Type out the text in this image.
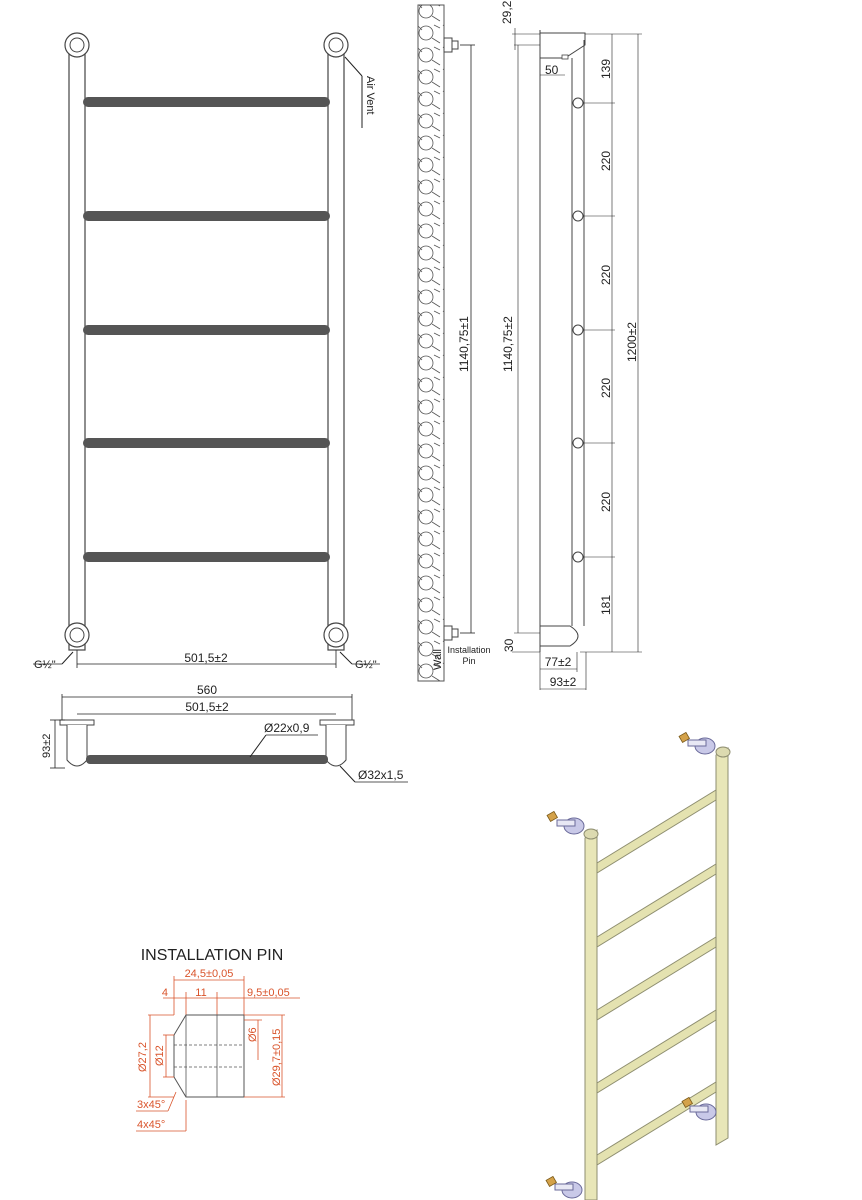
Air Vent
501,5±2
G½"	G½"
560
501,5±2
93±2
Ø22x0,9
Ø32x1,5
1140,75±1
Wall Installation
Pin
139
220
220
220
220
181
1200±2
1140,75±2
29,2
50
30
77±2
93±2
INSTALLATION PIN
24,5±0,05
4 11	9,5±0,05
Ø27,2 Ø12
Ø6 Ø29,7±0,15
3x45°
4x45°
